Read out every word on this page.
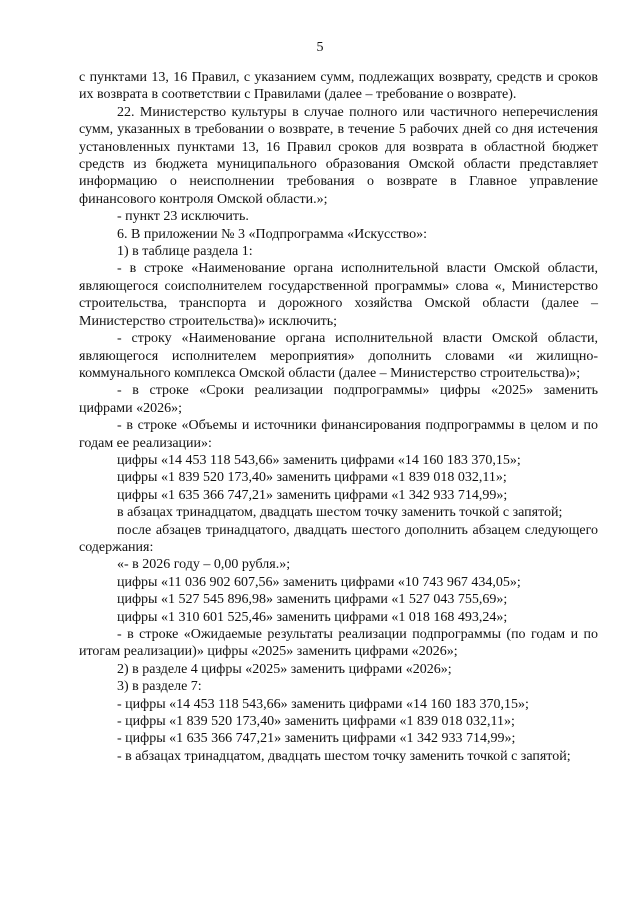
5

с пунктами 13, 16 Правил, с указанием сумм, подлежащих возврату, средств и сроков их возврата в соответствии с Правилами (далее – требование о возврате).

22. Министерство культуры в случае полного или частичного неперечисления сумм, указанных в требовании о возврате, в течение 5 рабочих дней со дня истечения установленных пунктами 13, 16 Правил сроков для возврата в областной бюджет средств из бюджета муниципального образования Омской области представляет информацию о неисполнении требования о возврате в Главное управление финансового контроля Омской области.»;

- пункт 23 исключить.

6. В приложении № 3 «Подпрограмма «Искусство»:

1) в таблице раздела 1:

- в строке «Наименование органа исполнительной власти Омской области, являющегося соисполнителем государственной программы» слова «, Министерство строительства, транспорта и дорожного хозяйства Омской области (далее – Министерство строительства)» исключить;

- строку «Наименование органа исполнительной власти Омской области, являющегося исполнителем мероприятия» дополнить словами «и жилищно-коммунального комплекса Омской области (далее – Министерство строительства)»;

- в строке «Сроки реализации подпрограммы» цифры «2025» заменить цифрами «2026»;

- в строке «Объемы и источники финансирования подпрограммы в целом и по годам ее реализации»:

цифры «14 453 118 543,66» заменить цифрами «14 160 183 370,15»;

цифры «1 839 520 173,40» заменить цифрами «1 839 018 032,11»;

цифры «1 635 366 747,21» заменить цифрами «1 342 933 714,99»;

в абзацах тринадцатом, двадцать шестом точку заменить точкой с запятой;

после абзацев тринадцатого, двадцать шестого дополнить абзацем следующего содержания:

«- в 2026 году – 0,00 рубля.»;

цифры «11 036 902 607,56» заменить цифрами «10 743 967 434,05»;

цифры «1 527 545 896,98» заменить цифрами «1 527 043 755,69»;

цифры «1 310 601 525,46» заменить цифрами «1 018 168 493,24»;

- в строке «Ожидаемые результаты реализации подпрограммы (по годам и по итогам реализации)» цифры «2025» заменить цифрами «2026»;

2) в разделе 4 цифры «2025» заменить цифрами «2026»;

3) в разделе 7:

- цифры «14 453 118 543,66» заменить цифрами «14 160 183 370,15»;

- цифры «1 839 520 173,40» заменить цифрами «1 839 018 032,11»;

- цифры «1 635 366 747,21» заменить цифрами «1 342 933 714,99»;

- в абзацах тринадцатом, двадцать шестом точку заменить точкой с запятой;
